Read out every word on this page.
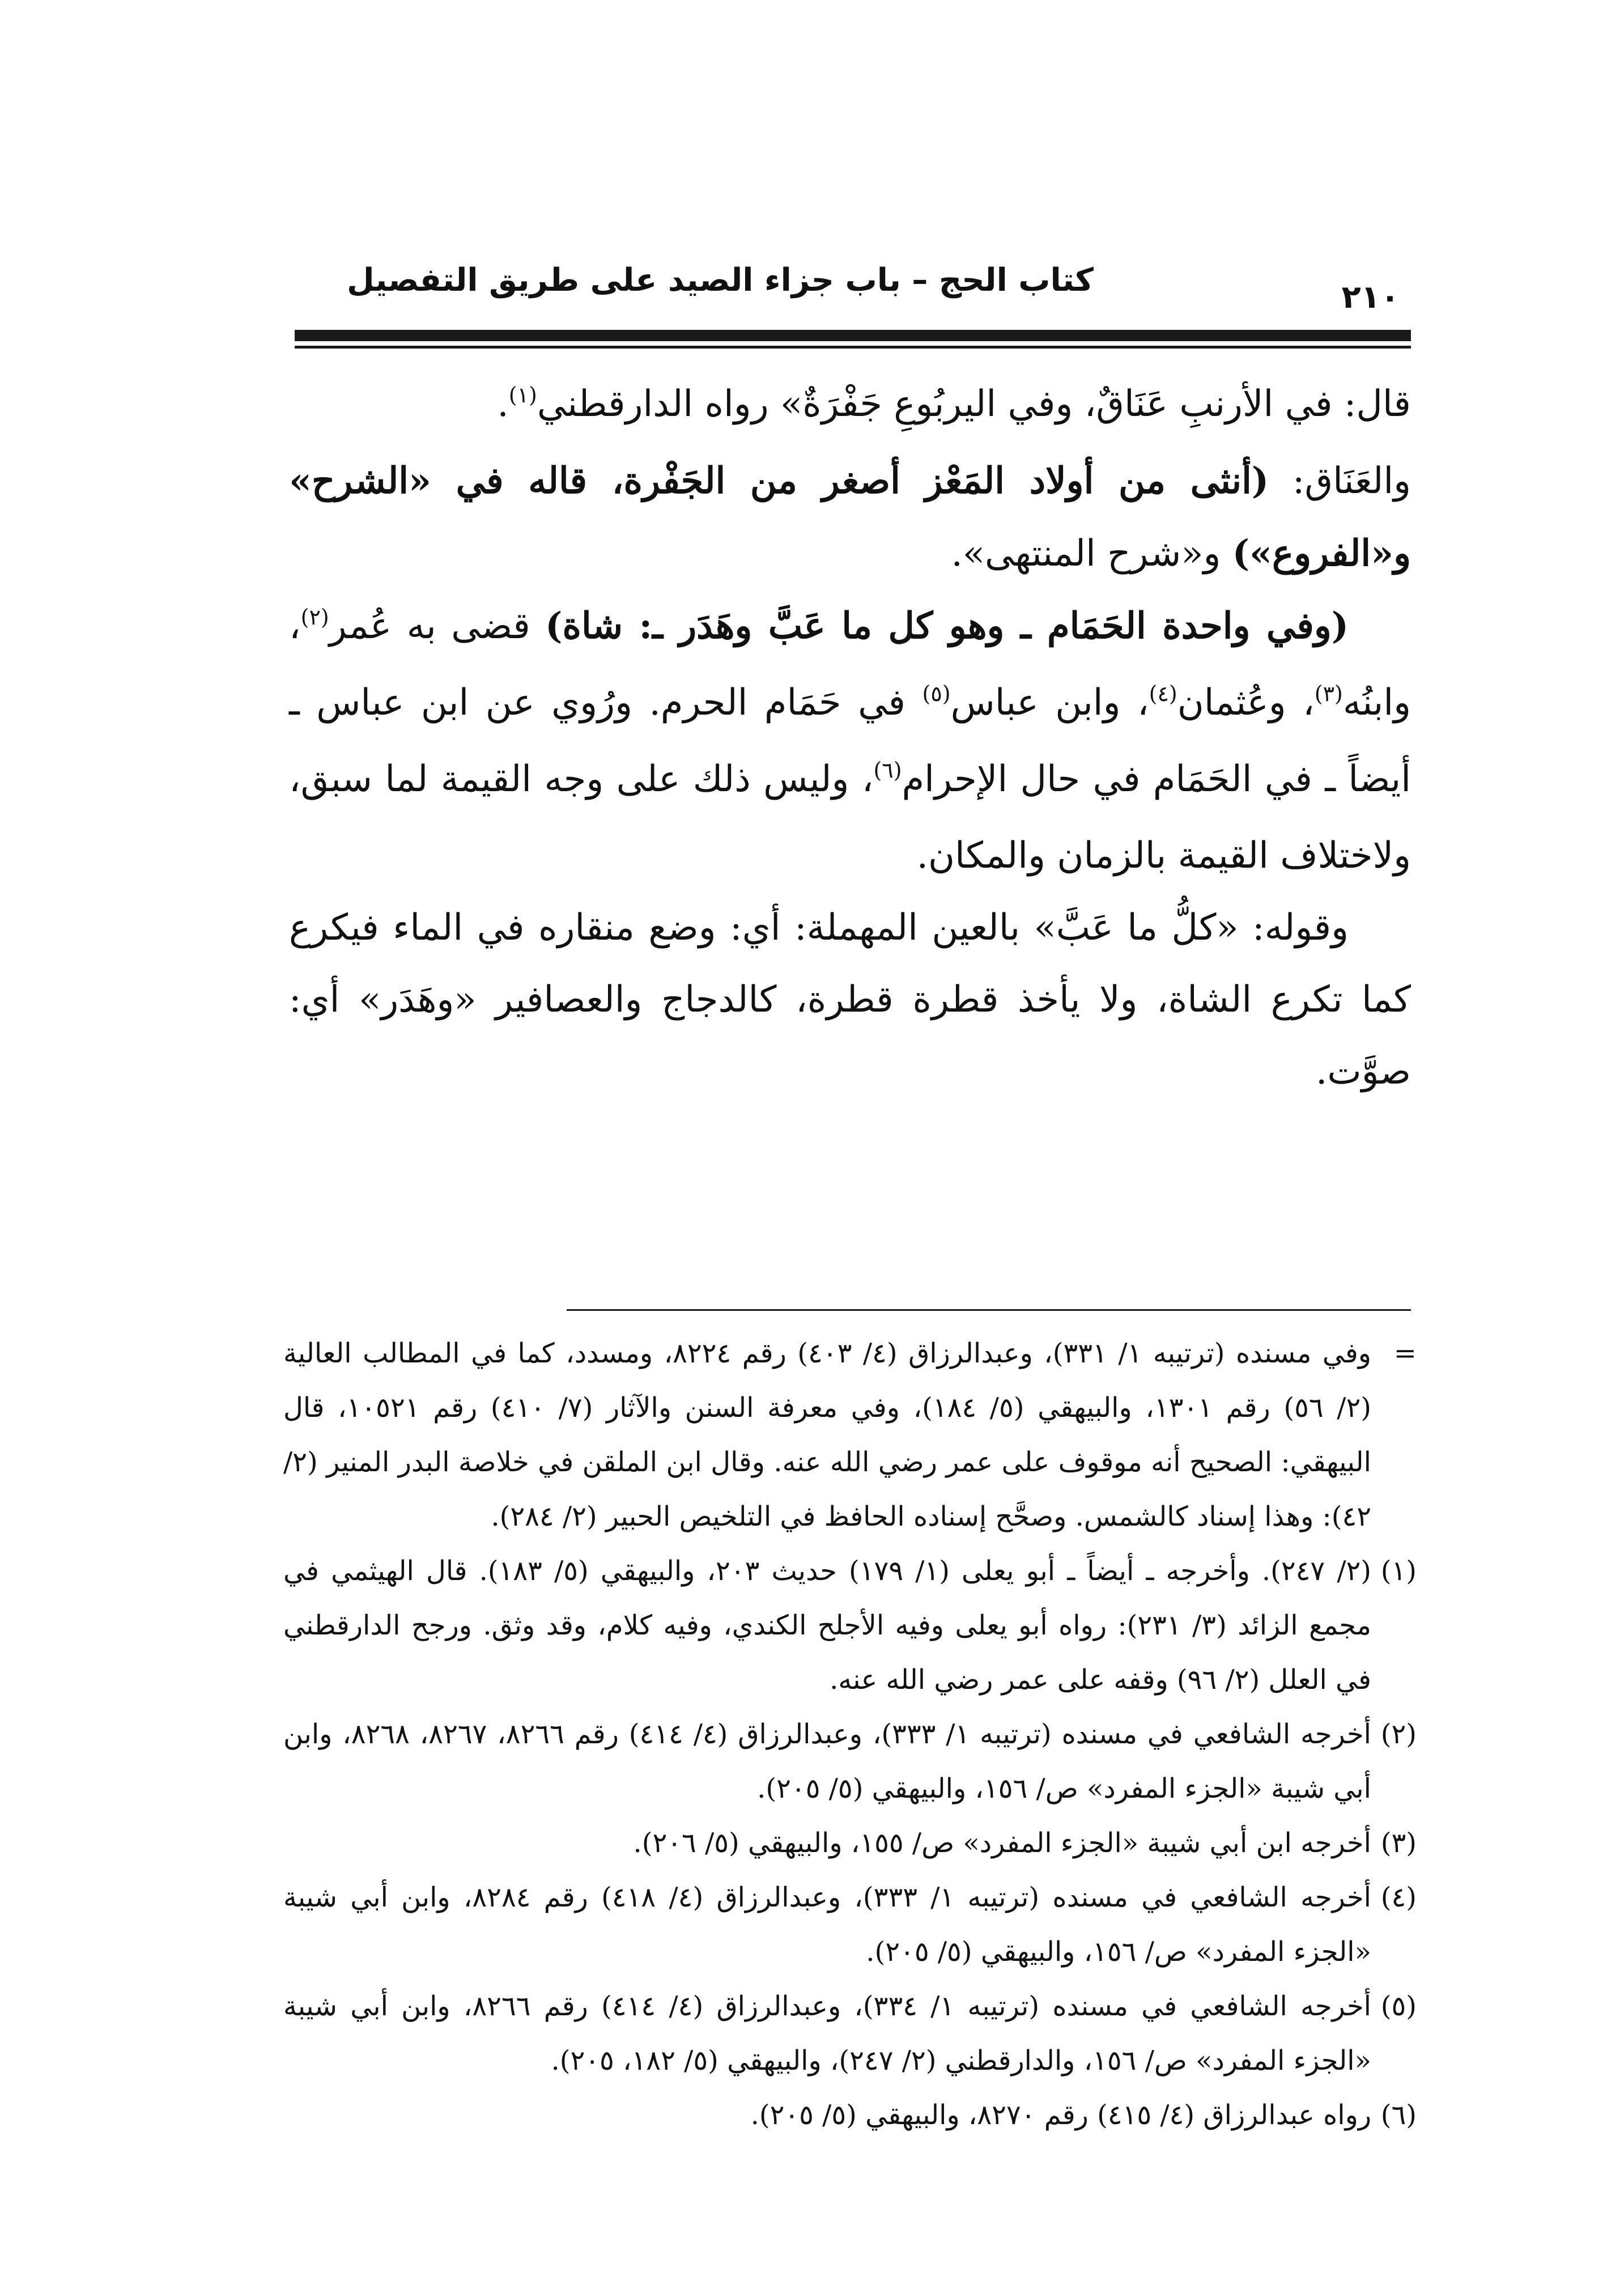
كتاب الحج – باب جزاء الصيد على طريق التفصيل	٢١٠

قال: في الأرنبِ عَنَاقٌ، وفي اليربُوعِ جَفْرَةٌ» رواه الدارقطني$^{(١)}$.
والعَنَاق: (أنثى من أولاد المَعْز أصغر من الجَفْرة، قاله في «الشرح» و«الفروع») و«شرح المنتهى».

(وفي واحدة الحَمَام ـ وهو كل ما عَبَّ وهَدَر ـ: شاة) قضى به عُمر$^{(٢)}$، وابنُه$^{(٣)}$، وعُثمان$^{(٤)}$، وابن عباس$^{(٥)}$ في حَمَام الحرم. ورُوي عن ابن عباس ـ أيضاً ـ في الحَمَام في حال الإحرام$^{(٦)}$، وليس ذلك على وجه القيمة لما سبق، ولاختلاف القيمة بالزمان والمكان.

وقوله: «كلُّ ما عَبَّ» بالعين المهملة: أي: وضع منقاره في الماء فيكرع كما تكرع الشاة، ولا يأخذ قطرة قطرة، كالدجاج والعصافير «وهَدَر» أي: صوَّت.

=
وفي مسنده (ترتيبه ١/ ٣٣١)، وعبدالرزاق (٤/ ٤٠٣) رقم ٨٢٢٤، ومسدد، كما في المطالب العالية (٢/ ٥٦) رقم ١٣٠١، والبيهقي (٥/ ١٨٤)، وفي معرفة السنن والآثار (٧/ ٤١٠) رقم ١٠٥٢١، قال البيهقي: الصحيح أنه موقوف على عمر رضي الله عنه. وقال ابن الملقن في خلاصة البدر المنير (٢/ ٤٢): وهذا إسناد كالشمس. وصحَّح إسناده الحافظ في التلخيص الحبير (٢/ ٢٨٤).
(١)
(٢/ ٢٤٧). وأخرجه ـ أيضاً ـ أبو يعلى (١/ ١٧٩) حديث ٢٠٣، والبيهقي (٥/ ١٨٣). قال الهيثمي في مجمع الزائد (٣/ ٢٣١): رواه أبو يعلى وفيه الأجلح الكندي، وفيه كلام، وقد وثق. ورجح الدارقطني في العلل (٢/ ٩٦) وقفه على عمر رضي الله عنه.
(٢)
أخرجه الشافعي في مسنده (ترتيبه ١/ ٣٣٣)، وعبدالرزاق (٤/ ٤١٤) رقم ٨٢٦٦، ٨٢٦٧، ٨٢٦٨، وابن أبي شيبة «الجزء المفرد» ص/ ١٥٦، والبيهقي (٥/ ٢٠٥).
(٣)
أخرجه ابن أبي شيبة «الجزء المفرد» ص/ ١٥٥، والبيهقي (٥/ ٢٠٦).
(٤)
أخرجه الشافعي في مسنده (ترتيبه ١/ ٣٣٣)، وعبدالرزاق (٤/ ٤١٨) رقم ٨٢٨٤، وابن أبي شيبة «الجزء المفرد» ص/ ١٥٦، والبيهقي (٥/ ٢٠٥).
(٥)
أخرجه الشافعي في مسنده (ترتيبه ١/ ٣٣٤)، وعبدالرزاق (٤/ ٤١٤) رقم ٨٢٦٦، وابن أبي شيبة «الجزء المفرد» ص/ ١٥٦، والدارقطني (٢/ ٢٤٧)، والبيهقي (٥/ ١٨٢، ٢٠٥).
(٦)
رواه عبدالرزاق (٤/ ٤١٥) رقم ٨٢٧٠، والبيهقي (٥/ ٢٠٥).
